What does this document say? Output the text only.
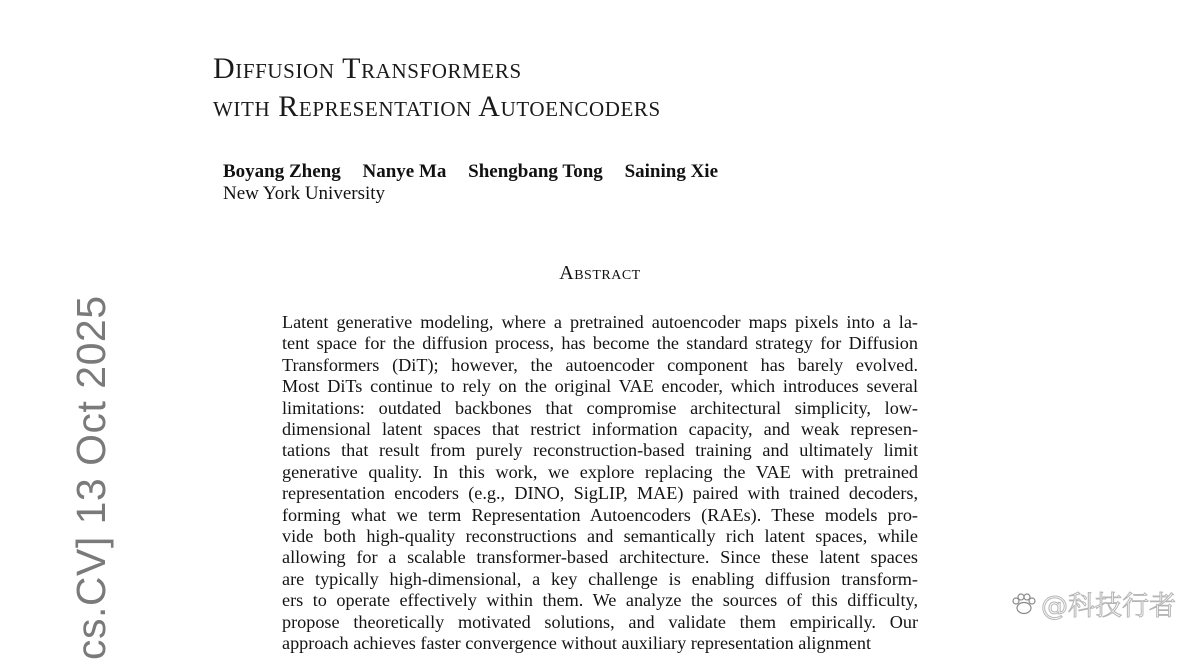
Diffusion Transformers
with Representation Autoencoders
Boyang Zheng Nanye Ma Shengbang Tong Saining Xie
New York University
Abstract
Latent generative modeling, where a pretrained autoencoder maps pixels into a la-
tent space for the diffusion process, has become the standard strategy for Diffusion
Transformers (DiT); however, the autoencoder component has barely evolved.
Most DiTs continue to rely on the original VAE encoder, which introduces several
limitations: outdated backbones that compromise architectural simplicity, low-
dimensional latent spaces that restrict information capacity, and weak represen-
tations that result from purely reconstruction-based training and ultimately limit
generative quality. In this work, we explore replacing the VAE with pretrained
representation encoders (e.g., DINO, SigLIP, MAE) paired with trained decoders,
forming what we term Representation Autoencoders (RAEs). These models pro-
vide both high-quality reconstructions and semantically rich latent spaces, while
allowing for a scalable transformer-based architecture. Since these latent spaces
are typically high-dimensional, a key challenge is enabling diffusion transform-
ers to operate effectively within them. We analyze the sources of this difficulty,
propose theoretically motivated solutions, and validate them empirically. Our
approach achieves faster convergence without auxiliary representation alignment
cs.CV] 13 Oct 2025	@科技行者
